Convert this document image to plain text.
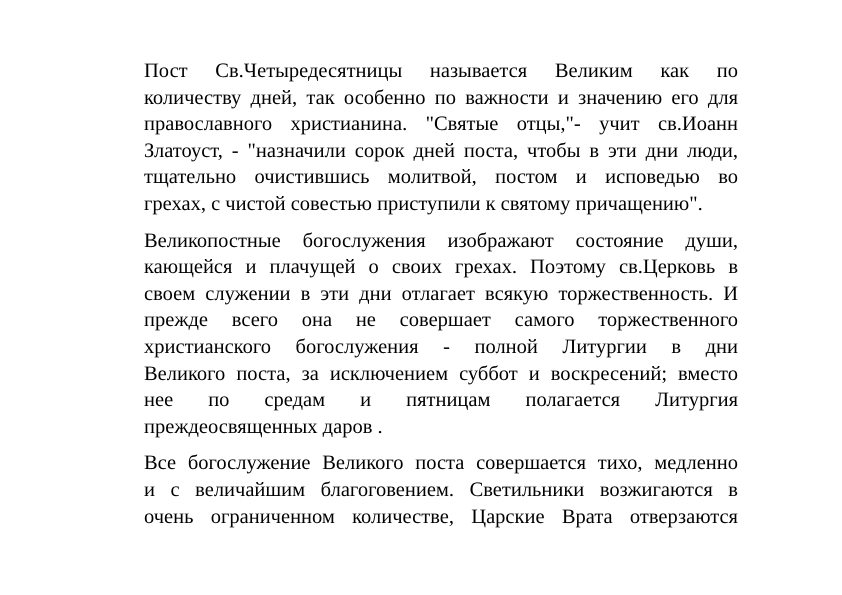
Пост Св.Четыредесятницы называется Великим как по
количеству дней, так особенно по важности и значению его для
православного христианина. "Святые отцы,"- учит св.Иоанн
Златоуст, - "назначили сорок дней поста, чтобы в эти дни люди,
тщательно очистившись молитвой, постом и исповедью во
грехах, с чистой совестью приступили к святому причащению".

Великопостные богослужения изображают состояние души,
кающейся и плачущей о своих грехах. Поэтому св.Церковь в
своем служении в эти дни отлагает всякую торжественность. И
прежде всего она не совершает самого торжественного
христианского богослужения - полной Литургии в дни
Великого поста, за исключением суббот и воскресений; вместо
нее по средам и пятницам полагается Литургия
преждеосвященных даров .

Все богослужение Великого поста совершается тихо, медленно
и с величайшим благоговением. Светильники возжигаются в
очень ограниченном количестве, Царские Врата отверзаются
